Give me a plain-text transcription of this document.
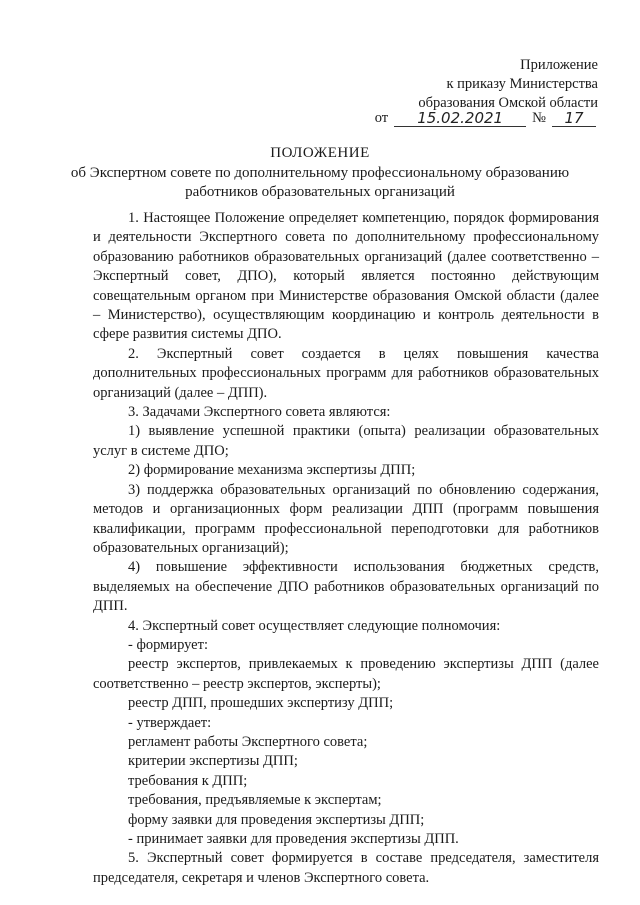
Приложение
к приказу Министерства
образования Омской области
от	15.02.2021	№	17
ПОЛОЖЕНИЕ
об Экспертном совете по дополнительному профессиональному образованию
работников образовательных организаций

1. Настоящее Положение определяет компетенцию, порядок формирования и деятельности Экспертного совета по дополнительному профессиональному образованию работников образовательных организаций (далее соответственно – Экспертный совет, ДПО), который является постоянно действующим совещательным органом при Министерстве образования Омской области (далее – Министерство), осуществляющим координацию и контроль деятельности в сфере развития системы ДПО.

2. Экспертный совет создается в целях повышения качества дополнительных профессиональных программ для работников образовательных организаций (далее – ДПП).

3. Задачами Экспертного совета являются:

1) выявление успешной практики (опыта) реализации образовательных услуг в системе ДПО;

2) формирование механизма экспертизы ДПП;

3) поддержка образовательных организаций по обновлению содержания, методов и организационных форм реализации ДПП (программ повышения квалификации, программ профессиональной переподготовки для работников образовательных организаций);

4) повышение эффективности использования бюджетных средств, выделяемых на обеспечение ДПО работников образовательных организаций по ДПП.

4. Экспертный совет осуществляет следующие полномочия:

- формирует:

реестр экспертов, привлекаемых к проведению экспертизы ДПП (далее соответственно – реестр экспертов, эксперты);

реестр ДПП, прошедших экспертизу ДПП;

- утверждает:

регламент работы Экспертного совета;

критерии экспертизы ДПП;

требования к ДПП;

требования, предъявляемые к экспертам;

форму заявки для проведения экспертизы ДПП;

- принимает заявки для проведения экспертизы ДПП.

5. Экспертный совет формируется в составе председателя, заместителя председателя, секретаря и членов Экспертного совета.
